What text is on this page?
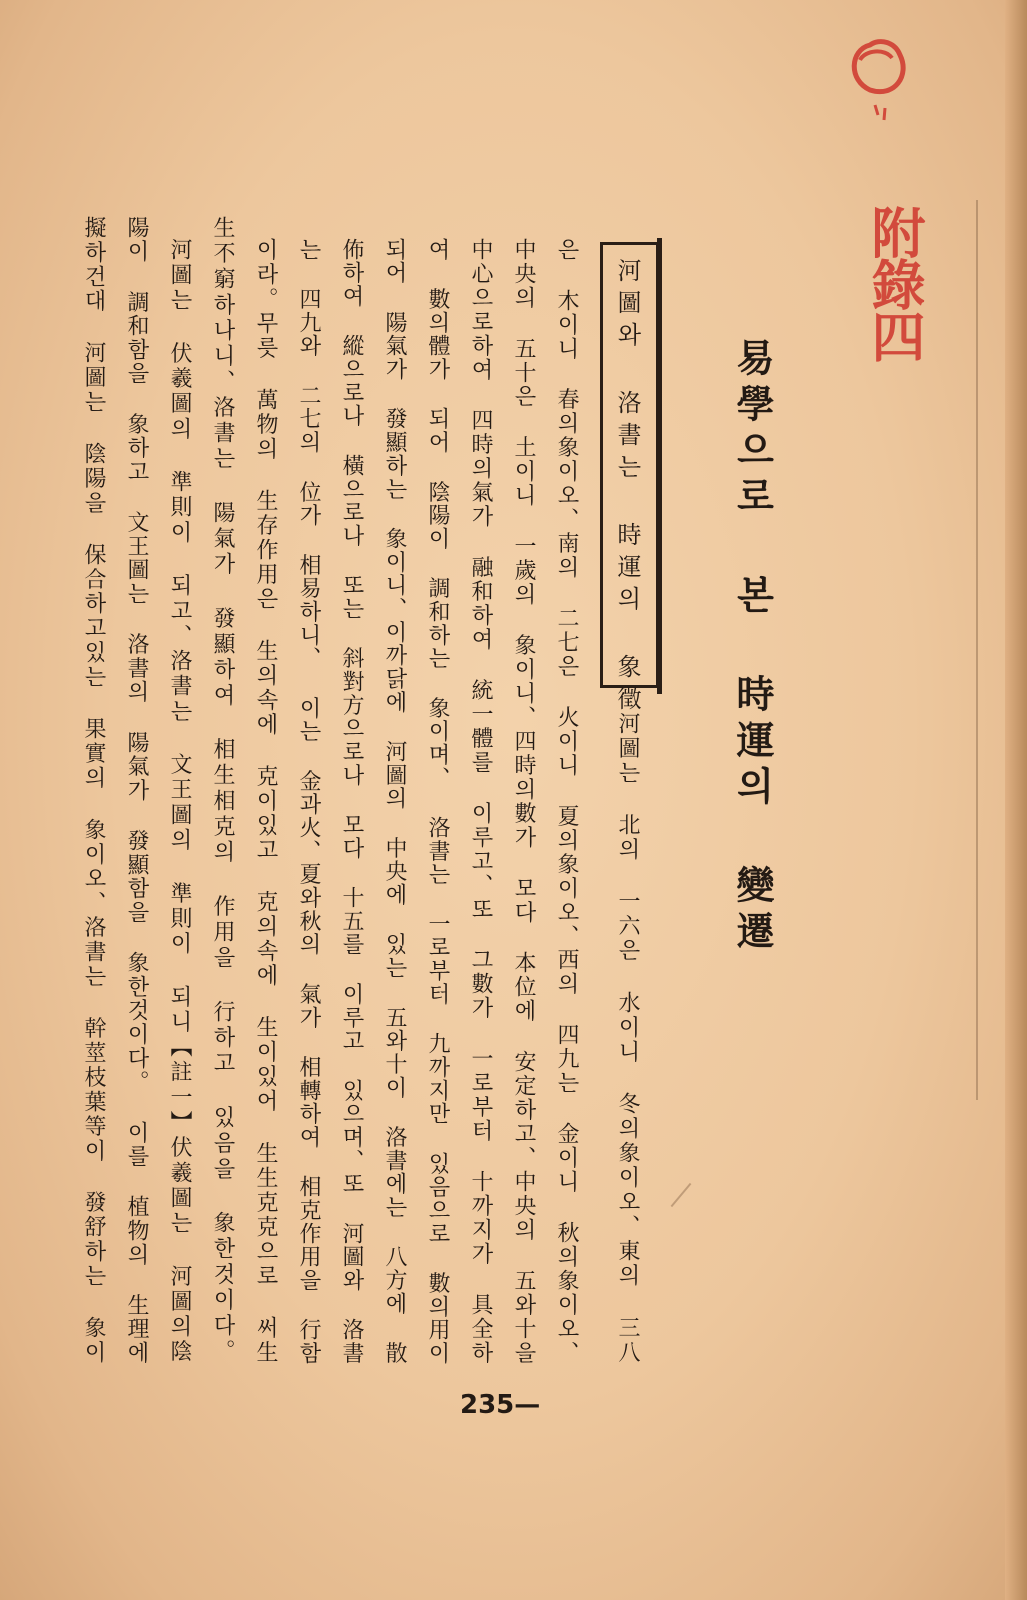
附錄四
易學으로 본 時運의 變遷
河圖와 洛書는 時運의 象徵
河圖는 北의 一六은 水이니 冬의象이오、東의 三八
은 木이니 春의象이오、南의 二七은 火이니 夏의象이오、西의 四九는 金이니 秋의象이오、
中央의 五十은 土이니 一歲의 象이니、四時의數가 모다 本位에 安定하고、中央의 五와十을
中心으로하여 四時의氣가 融和하여 統一體를 이루고、또 그數가 一로부터 十까지가 具全하
여 數의體가 되어 陰陽이 調和하는 象이며、 洛書는 一로부터 九까지만 있음으로 數의用이
되어 陽氣가 發顯하는 象이니、이까닭에 河圖의 中央에 있는 五와十이 洛書에는 八方에 散
佈하여 縱으로나 橫으로나 또는 斜對方으로나 모다 十五를 이루고 있으며、또 河圖와 洛書
는 四九와 二七의 位가 相易하니、 이는 金과火、夏와秋의 氣가 相轉하여 相克作用을 行함
이라。무릇 萬物의 生存作用은 生의속에 克이있고 克의속에 生이있어 生生克克으로 써生
生不窮하나니、洛書는 陽氣가 發顯하여 相生相克의 作用을 行하고 있음을 象한것이다。
河圖는 伏羲圖의 準則이 되고、洛書는 文王圖의 準則이 되니【註一】伏羲圖는 河圖의陰
陽이 調和함을 象하고 文王圖는 洛書의 陽氣가 發顯함을 象한것이다。 이를 植物의 生理에
擬하건대 河圖는 陰陽을 保合하고있는 果實의 象이오、洛書는 幹莖枝葉等이 發舒하는 象이
235—
